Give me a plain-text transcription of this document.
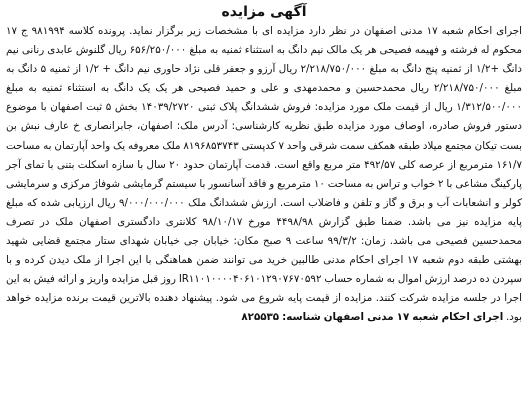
آگهی مزایده
اجرای احکام شعبه ۱۷ مدنی اصفهان در نظر دارد مزایده ای با مشخصات زیر برگزار نماید. پرونده کلاسه ۹۸۱۹۹۴ ج ۱۷ محکوم له فرشته و فهیمه فصیحی هر یک مالک نیم دانگ به استثناء ثمنیه به مبلغ ۶۵۶/۲۵۰/۰۰۰ ریال گلنوش عابدی رنانی نیم دانگ +۱/۲ از ثمنیه پنج دانگ به مبلغ ۲/۲۱۸/۷۵۰/۰۰۰ ریال آرزو و جعفر قلی نژاد حاوری نیم دانگ + ۱/۲ از ثمنیه ۵ دانگ به مبلغ ۲/۲۱۸/۷۵۰/۰۰۰ ریال محمدحسین و محمدمهدی و علی و حمید فصیحی هر یک یک دانگ به استثناء ثمنیه به مبلغ ۱/۳۱۲/۵۰۰/۰۰۰ ریال از قیمت ملک مورد مزایده: فروش ششدانگ پلاک ثبتی ۱۴۰۳۹/۲۷۲۰ بخش ۵ ثبت اصفهان با موضوع دستور فروش صادره، اوصاف مورد مزایده طبق نظریه کارشناسی: آدرس ملک: اصفهان، جابرانصاری خ عارف نبش بن بست تیکان مجتمع میلاد طبقه همکف سمت شرقی واحد ۷ کدپستی ۸۱۹۶۸۵۳۷۴۳ ملک معروفه یک واحد آپارتمان به مساحت ۱۶۱/۷ مترمربع از عرصه کلی ۴۹۲/۵۷ متر مربع واقع است. قدمت آپارتمان حدود ۲۰ سال با سازه اسکلت بتنی با تمای آجر پارکینگ مشاعی با ۲ خواب و تراس به مساحت ۱۰ مترمربع و فاقد آسانسور با سیستم گرمایشی شوفاژ مرکزی و سرمایشی کولر و انشعابات آب و برق و گاز و تلفن و فاضلاب است. ارزش ششدانگ ملک ۹/۰۰۰/۰۰۰/۰۰۰ ریال ارزیابی شده که مبلغ پایه مزایده نیز می باشد. ضمنا طبق گزارش ۴۴۹۸/۹۸ مورخ ۹۸/۱۰/۱۷ کلانتری دادگستری اصفهان ملک در تصرف محمدحسین فصیحی می باشد. زمان: ۹۹/۳/۲ ساعت ۹ صبح مکان: خیابان جی خیابان شهدای ستار مجتمع قضایی شهید بهشتی طبقه دوم شعبه ۱۷ اجرای احکام مدنی طالبین خرید می توانند ضمن هماهنگی با این اجرا از ملک دیدن کرده و با سپردن ده درصد ارزش اموال به شماره حساب IR۱۱۰۱۰۰۰۰۴۰۶۱۰۱۲۹۰۷۶۷۰۵۹۲ روز قبل مزایده واریز و ارائه فیش به این اجرا در جلسه مزایده شرکت کنند. مزایده از قیمت پایه شروع می شود. پیشنهاد دهنده بالاترین قیمت برنده مزایده خواهد بود. اجرای احکام شعبه ۱۷ مدنی اصفهان شناسه: ۸۲۵۵۳۵
